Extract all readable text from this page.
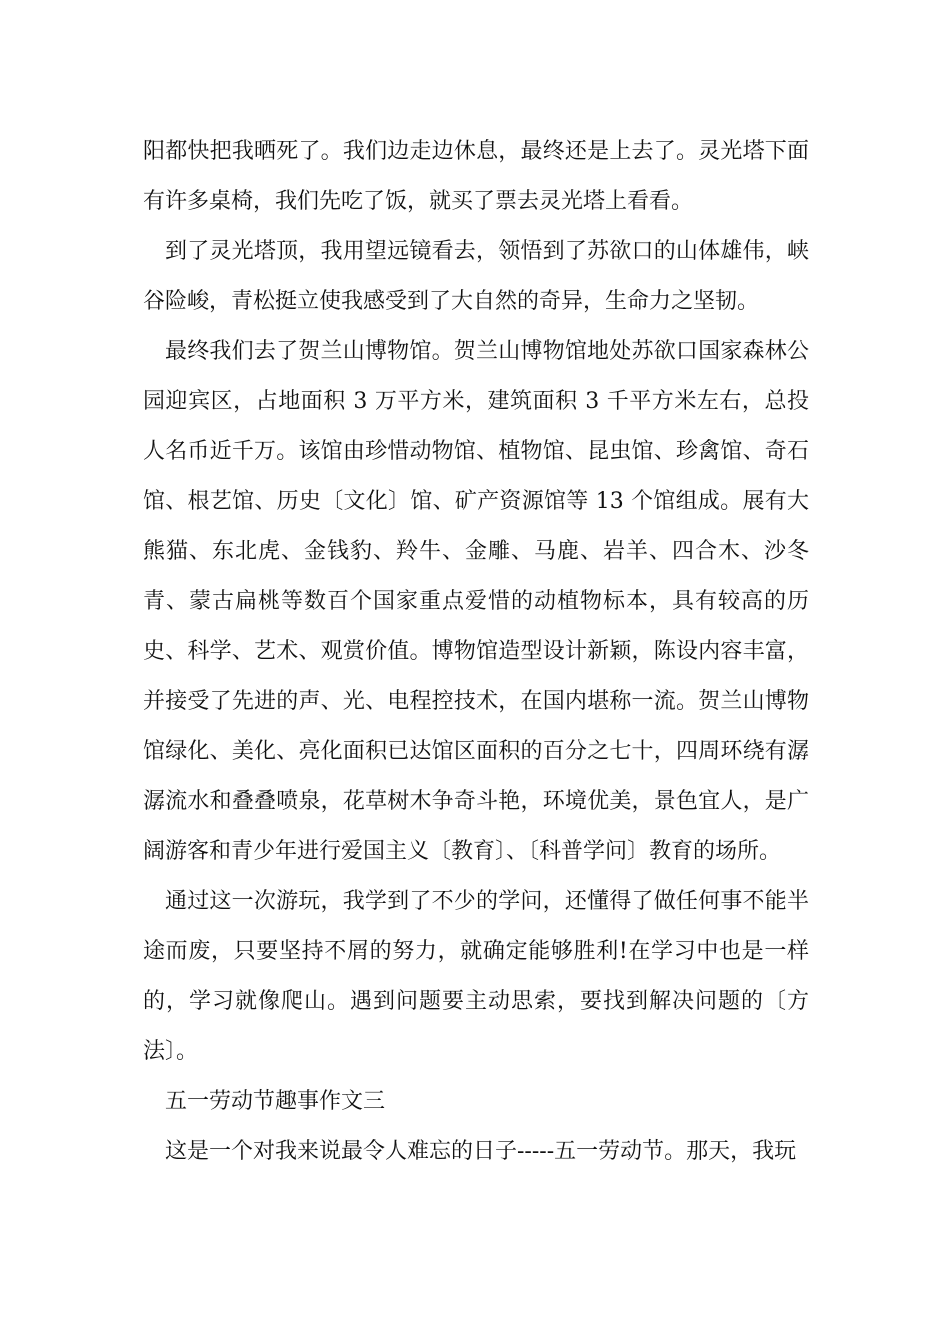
阳都快把我晒死了。我们边走边休息，最终还是上去了。灵光塔下面有许多桌椅，我们先吃了饭，就买了票去灵光塔上看看。

到了灵光塔顶，我用望远镜看去，领悟到了苏欲口的山体雄伟，峡谷险峻，青松挺立使我感受到了大自然的奇异，生命力之坚韧。

最终我们去了贺兰山博物馆。贺兰山博物馆地处苏欲口国家森林公园迎宾区，占地面积 3 万平方米，建筑面积 3 千平方米左右，总投人名币近千万。该馆由珍惜动物馆、植物馆、昆虫馆、珍禽馆、奇石馆、根艺馆、历史〔文化〕馆、矿产资源馆等 13 个馆组成。展有大熊猫、东北虎、金钱豹、羚牛、金雕、马鹿、岩羊、四合木、沙冬青、蒙古扁桃等数百个国家重点爱惜的动植物标本，具有较高的历史、科学、艺术、观赏价值。博物馆造型设计新颖，陈设内容丰富，并接受了先进的声、光、电程控技术，在国内堪称一流。贺兰山博物馆绿化、美化、亮化面积已达馆区面积的百分之七十，四周环绕有潺潺流水和叠叠喷泉，花草树木争奇斗艳，环境优美，景色宜人，是广阔游客和青少年进行爱国主义〔教育〕、〔科普学问〕教育的场所。

通过这一次游玩，我学到了不少的学问，还懂得了做任何事不能半途而废，只要坚持不屑的努力，就确定能够胜利!在学习中也是一样的，学习就像爬山。遇到问题要主动思索，要找到解决问题的〔方法〕。

五一劳动节趣事作文三

这是一个对我来说最令人难忘的日子-----五一劳动节。那天，我玩
